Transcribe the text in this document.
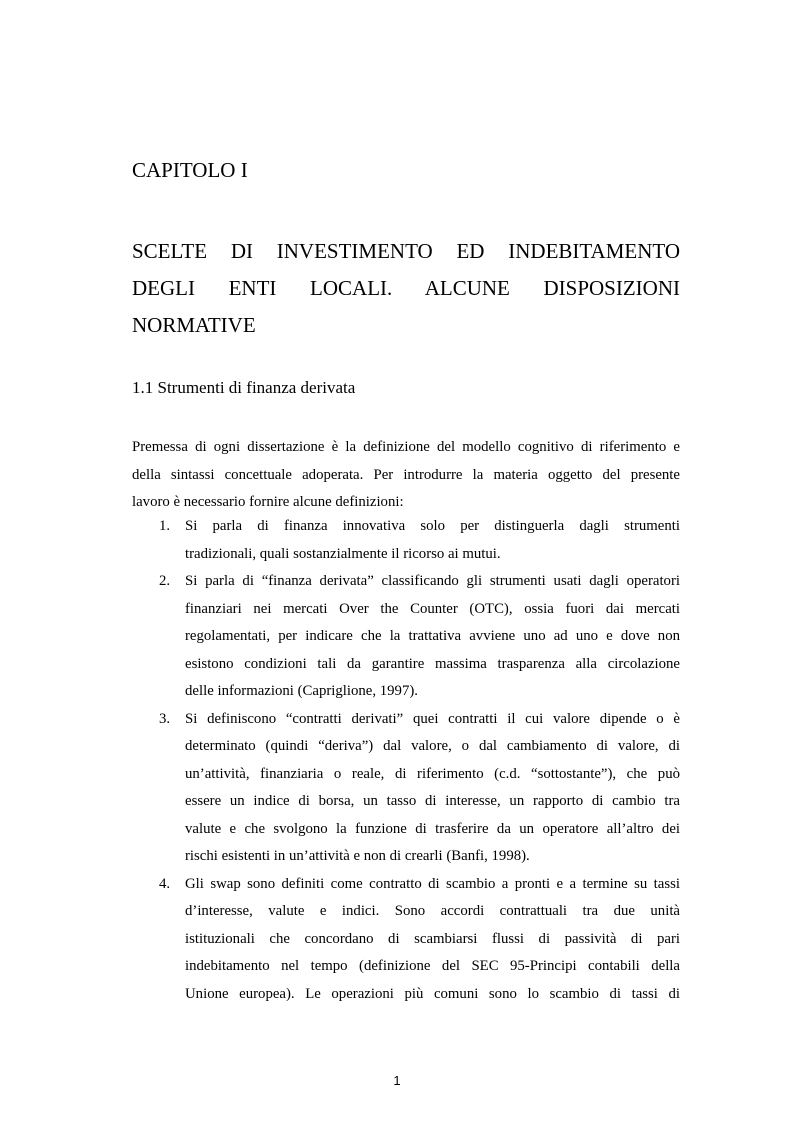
CAPITOLO I
SCELTE DI INVESTIMENTO ED INDEBITAMENTO
DEGLI ENTI LOCALI. ALCUNE DISPOSIZIONI
NORMATIVE
1.1 Strumenti di finanza derivata
Premessa di ogni dissertazione è la definizione del modello cognitivo di riferimento e
della sintassi concettuale adoperata. Per introdurre la materia oggetto del presente
lavoro è necessario fornire alcune definizioni:
1. Si parla di finanza innovativa solo per distinguerla dagli strumenti
tradizionali, quali sostanzialmente il ricorso ai mutui.
2. Si parla di “finanza derivata” classificando gli strumenti usati dagli operatori
finanziari nei mercati Over the Counter (OTC), ossia fuori dai mercati
regolamentati, per indicare che la trattativa avviene uno ad uno e dove non
esistono condizioni tali da garantire massima trasparenza alla circolazione
delle informazioni (Capriglione, 1997).
3. Si definiscono “contratti derivati” quei contratti il cui valore dipende o è
determinato (quindi “deriva”) dal valore, o dal cambiamento di valore, di
un’attività, finanziaria o reale, di riferimento (c.d. “sottostante”), che può
essere un indice di borsa, un tasso di interesse, un rapporto di cambio tra
valute e che svolgono la funzione di trasferire da un operatore all’altro dei
rischi esistenti in un’attività e non di crearli (Banfi, 1998).
4. Gli swap sono definiti come contratto di scambio a pronti e a termine su tassi
d’interesse, valute e indici. Sono accordi contrattuali tra due unità
istituzionali che concordano di scambiarsi flussi di passività di pari
indebitamento nel tempo (definizione del SEC 95-Principi contabili della
Unione europea). Le operazioni più comuni sono lo scambio di tassi di
1
